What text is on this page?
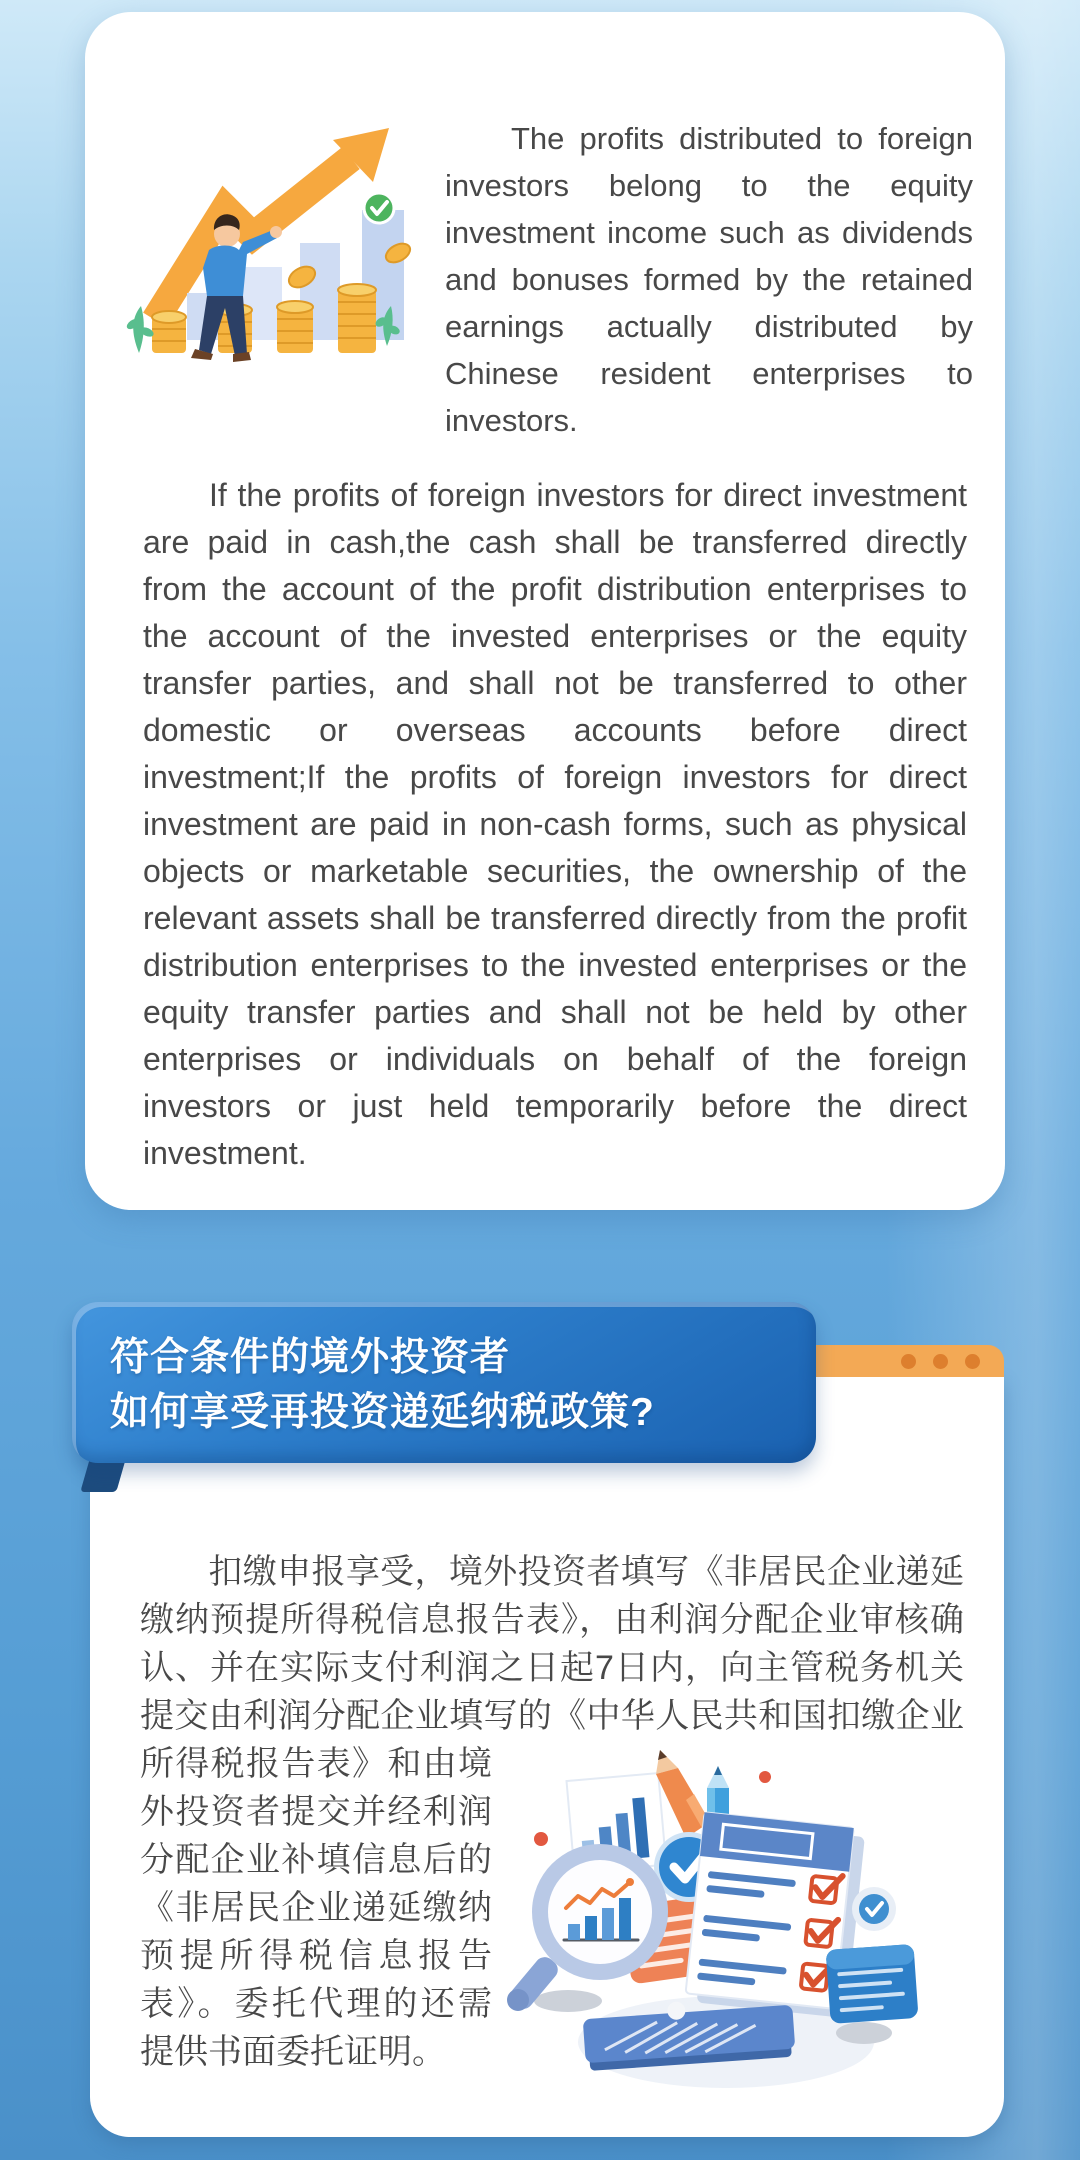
The profits distributed to foreign investors belong to the equity investment income such as dividends and bonuses formed by the retained earnings actually distributed by Chinese resident enterprises to investors.

If the profits of foreign investors for direct investment are paid in cash,the cash shall be transferred directly from the account of the profit distribution enterprises to the account of the invested enterprises or the equity transfer parties, and shall not be transferred to other domestic or overseas accounts before direct investment;If the profits of foreign investors for direct investment are paid in non-cash forms, such as physical objects or marketable securities, the ownership of the relevant assets shall be transferred directly from the profit distribution enterprises to the invested enterprises or the equity transfer parties and shall not be held by other enterprises or individuals on behalf of the foreign investors or just held temporarily before the direct investment.

符合条件的境外投资者
如何享受再投资递延纳税政策?

扣缴申报享受，境外投资者填写《非居民企业递延缴纳预提所得税信息报告表》，由利润分配企业审核确认、并在实际支付利润之日起7日内，向主管税务机关提交由利润分配企业填写的《中华人民共和国扣缴企业所得税报
告表》和由境外投资者提交并经利润分配企业补填信息后的《非居民企业递延缴纳预提所得税信息报告表》。委托代理的还需提供书面委托证明。
